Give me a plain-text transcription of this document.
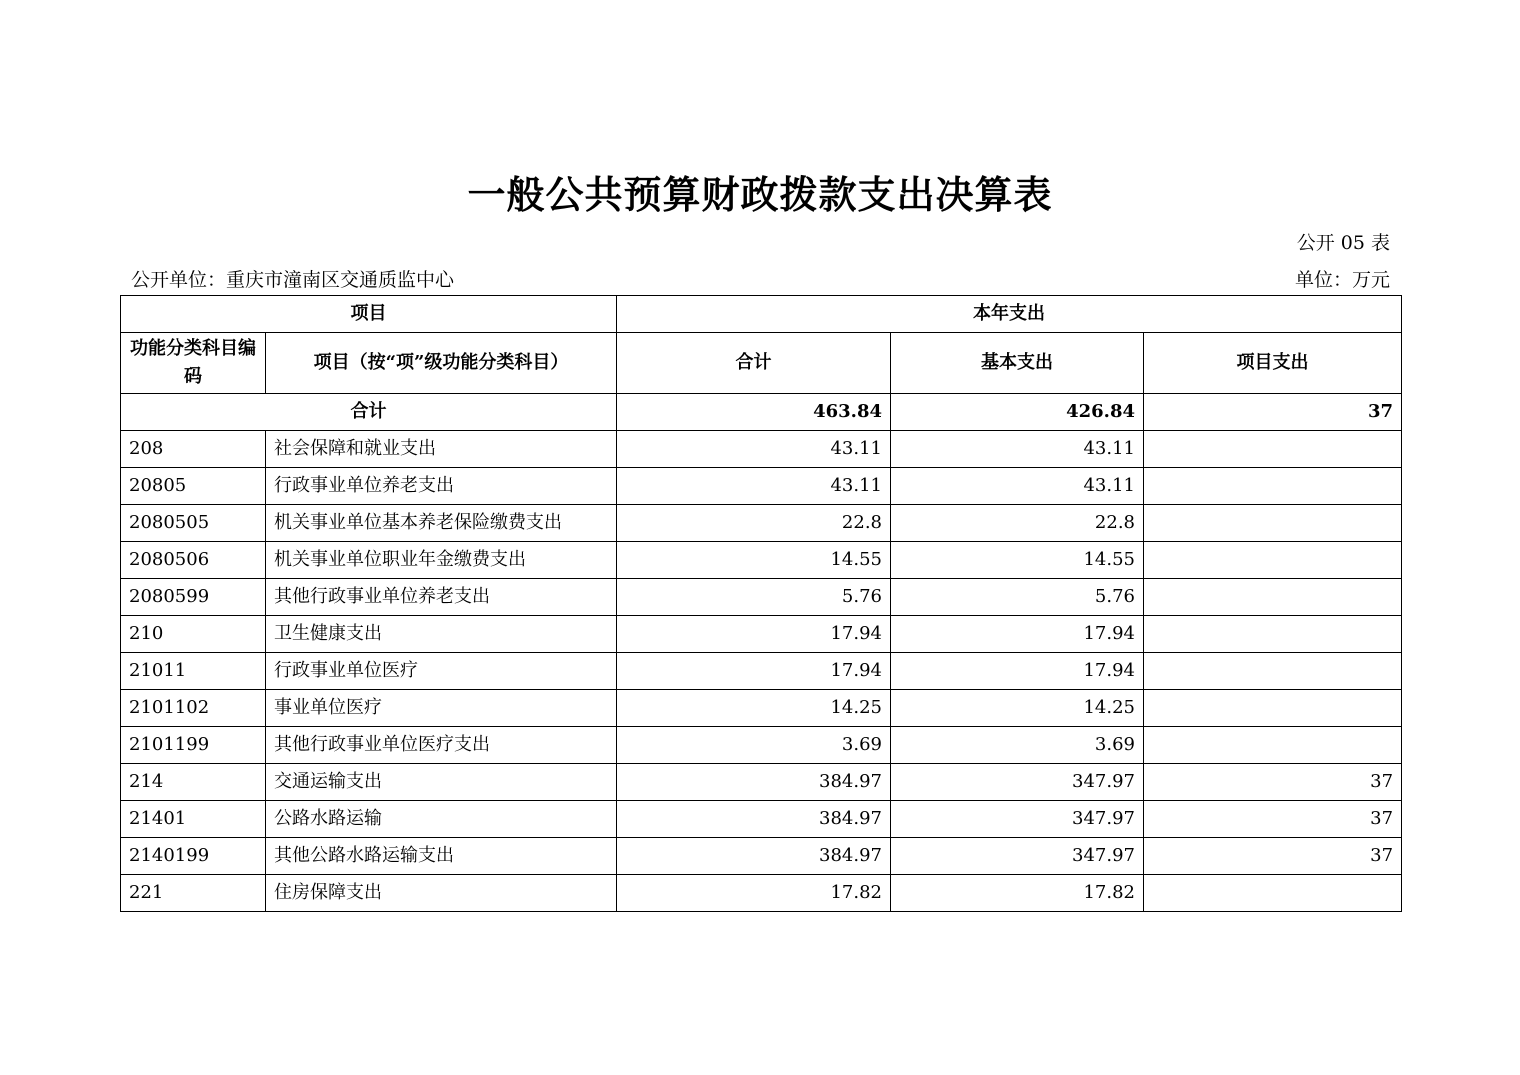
一般公共预算财政拨款支出决算表
公开 05 表
公开单位：重庆市潼南区交通质监中心	单位：万元
项目		本年支出		
功能分类科目编码	项目（按“项”级功能分类科目）	合计	基本支出	项目支出
合计		463.84	426.84	37
208	社会保障和就业支出	43.11	43.11	
20805	行政事业单位养老支出	43.11	43.11	
2080505	机关事业单位基本养老保险缴费支出	22.8	22.8	
2080506	机关事业单位职业年金缴费支出	14.55	14.55	
2080599	其他行政事业单位养老支出	5.76	5.76	
210	卫生健康支出	17.94	17.94	
21011	行政事业单位医疗	17.94	17.94	
2101102	事业单位医疗	14.25	14.25	
2101199	其他行政事业单位医疗支出	3.69	3.69	
214	交通运输支出	384.97	347.97	37
21401	公路水路运输	384.97	347.97	37
2140199	其他公路水路运输支出	384.97	347.97	37
221	住房保障支出	17.82	17.82	
